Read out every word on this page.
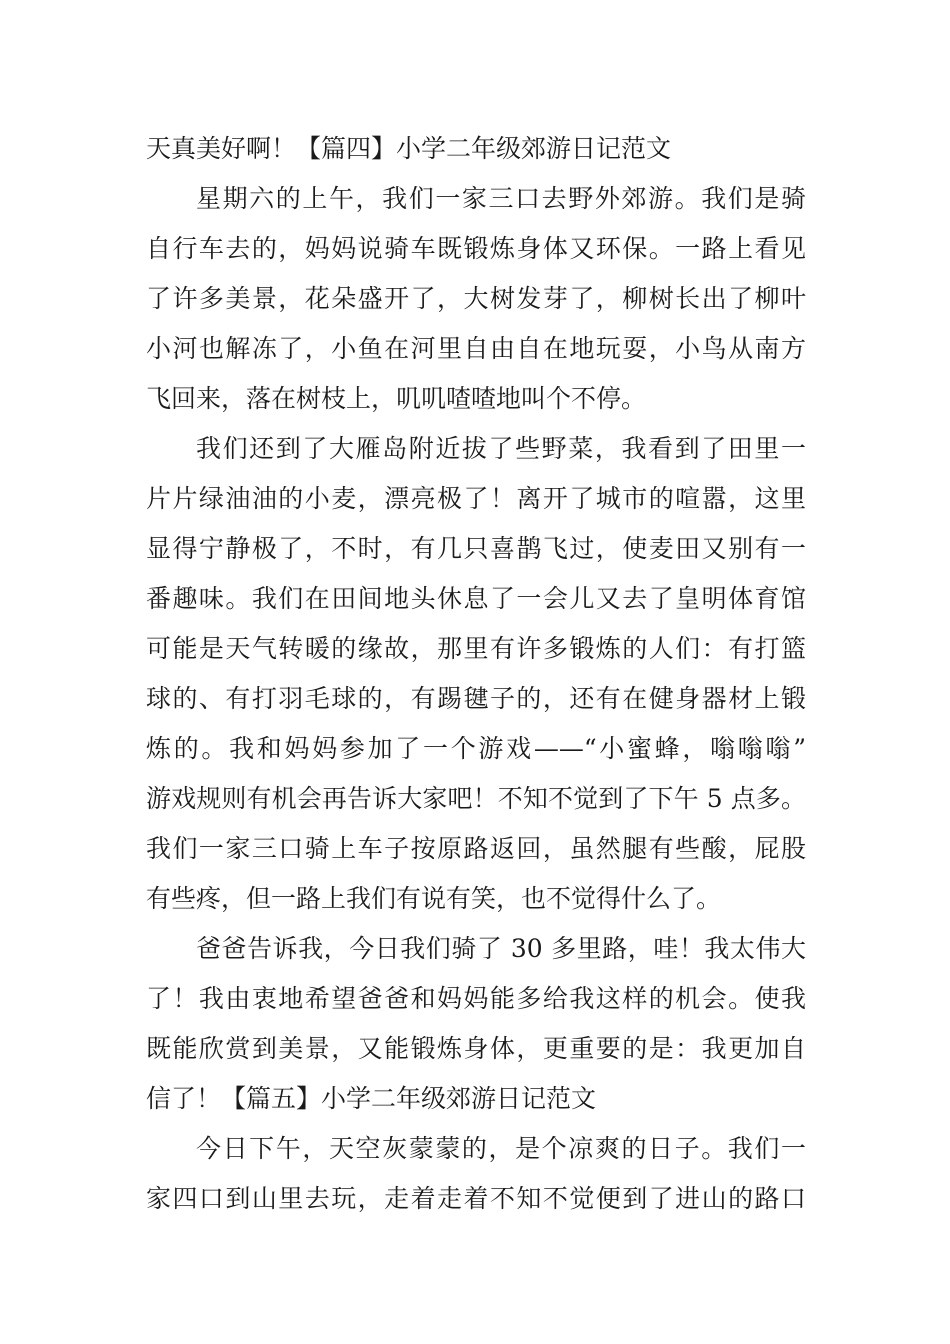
天真美好啊！【篇四】小学二年级郊游日记范文
星期六的上午，我们一家三口去野外郊游。我们是骑
自行车去的，妈妈说骑车既锻炼身体又环保。一路上看见
了许多美景，花朵盛开了，大树发芽了，柳树长出了柳叶
小河也解冻了，小鱼在河里自由自在地玩耍，小鸟从南方
飞回来，落在树枝上，叽叽喳喳地叫个不停。
我们还到了大雁岛附近拔了些野菜，我看到了田里一
片片绿油油的小麦，漂亮极了！离开了城市的喧嚣，这里
显得宁静极了，不时，有几只喜鹊飞过，使麦田又别有一
番趣味。我们在田间地头休息了一会儿又去了皇明体育馆
可能是天气转暖的缘故，那里有许多锻炼的人们：有打篮
球的、有打羽毛球的，有踢毽子的，还有在健身器材上锻
炼的。我和妈妈参加了一个游戏——“小蜜蜂，嗡嗡嗡”
游戏规则有机会再告诉大家吧！不知不觉到了下午 5 点多。
我们一家三口骑上车子按原路返回，虽然腿有些酸，屁股
有些疼，但一路上我们有说有笑，也不觉得什么了。
爸爸告诉我，今日我们骑了 30 多里路，哇！我太伟大
了！我由衷地希望爸爸和妈妈能多给我这样的机会。使我
既能欣赏到美景，又能锻炼身体，更重要的是：我更加自
信了！【篇五】小学二年级郊游日记范文
今日下午，天空灰蒙蒙的，是个凉爽的日子。我们一
家四口到山里去玩，走着走着不知不觉便到了进山的路口
